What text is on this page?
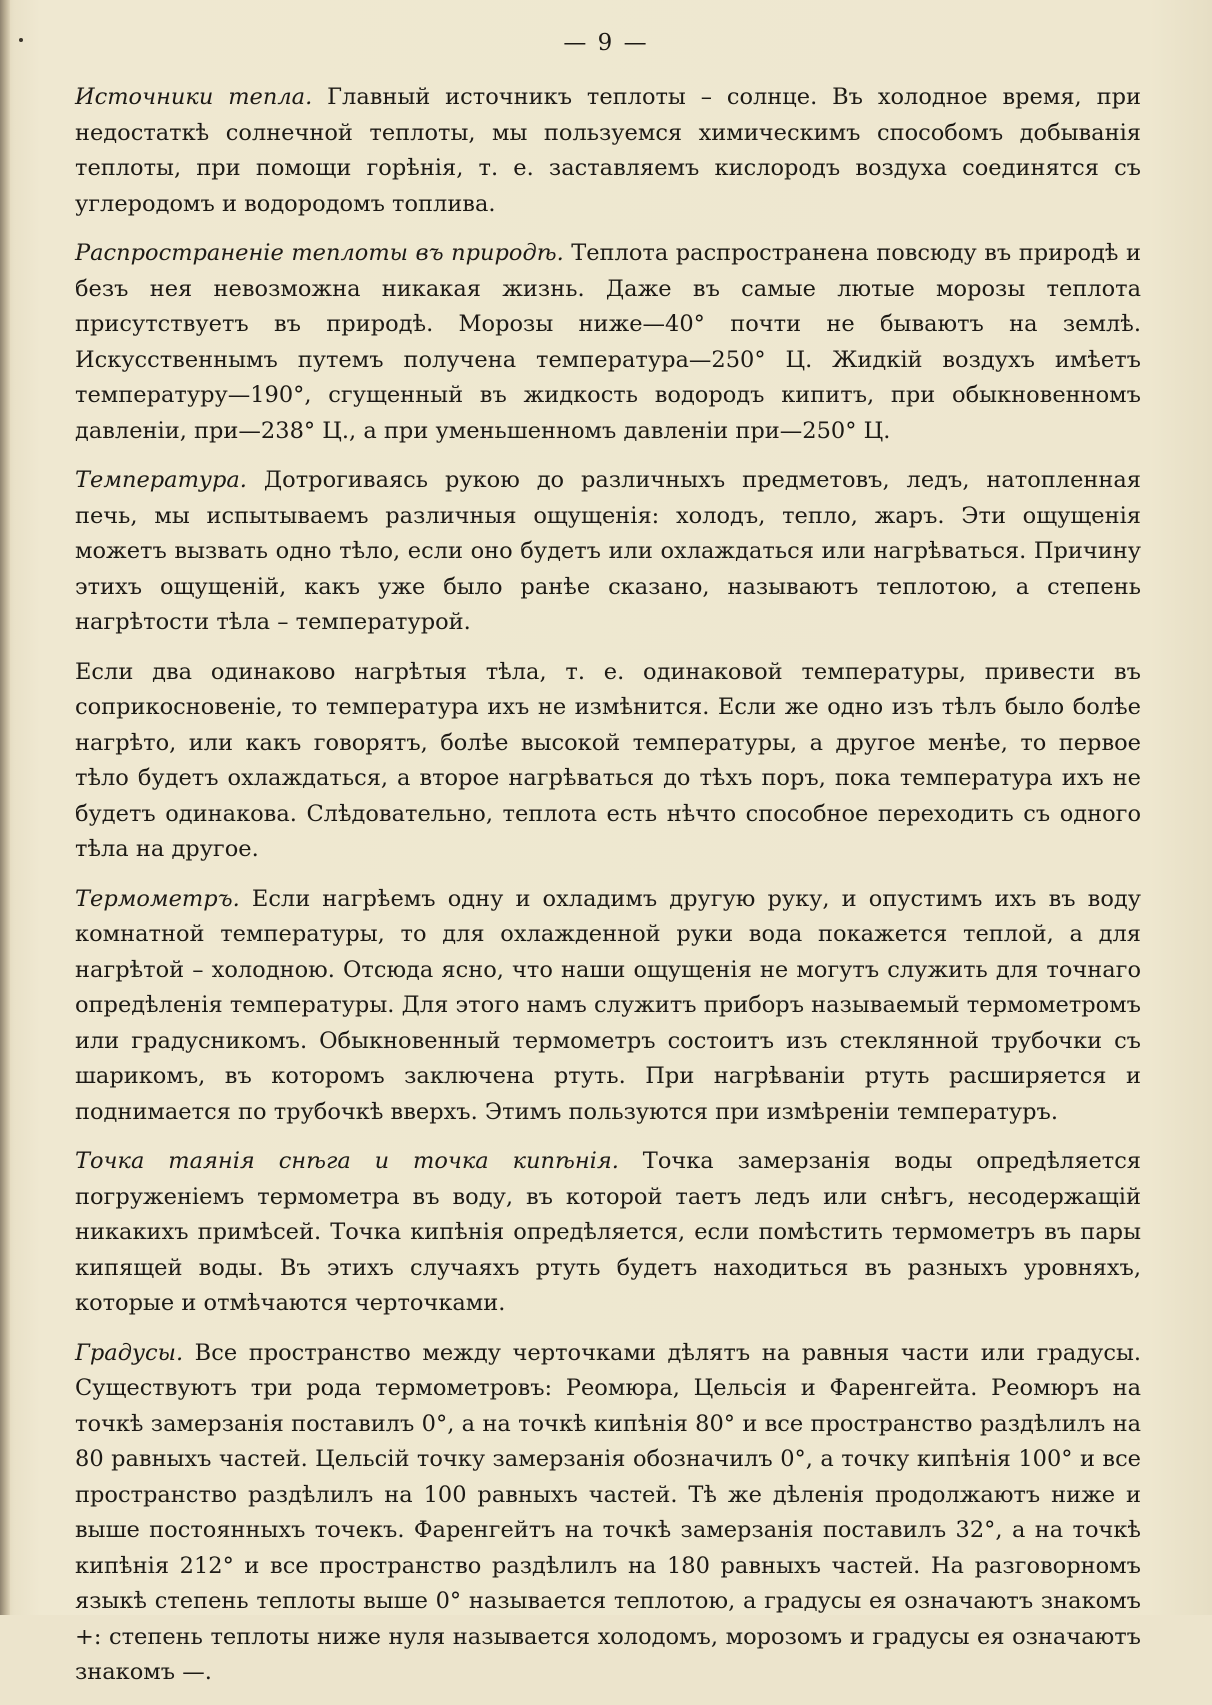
— 9 —

Источники тепла. Главный источникъ теплоты – солнце. Въ холодное время, при недостаткѣ солнечной теплоты, мы пользуемся химическимъ способомъ добыванія теплоты, при помощи горѣнія, т. е. заставляемъ кислородъ воздуха соединятся съ углеродомъ и водородомъ топлива.

Распространеніе теплоты въ природѣ. Теплота распространена повсюду въ природѣ и безъ нея невозможна никакая жизнь. Даже въ самые лютые морозы теплота присутствуетъ въ природѣ. Морозы ниже—40° почти не бываютъ на землѣ. Искусственнымъ путемъ получена температура—250° Ц. Жидкій воздухъ имѣетъ температуру—190°, сгущенный въ жидкость водородъ кипитъ, при обыкновенномъ давленіи, при—238° Ц., а при уменьшенномъ давленіи при—250° Ц.

Температура. Дотрогиваясь рукою до различныхъ предметовъ, ледъ, натопленная печь, мы испытываемъ различныя ощущенія: холодъ, тепло, жаръ. Эти ощущенія можетъ вызвать одно тѣло, если оно будетъ или охлаждаться или нагрѣваться. Причину этихъ ощущеній, какъ уже было ранѣе сказано, называютъ теплотою, а степень нагрѣтости тѣла – температурой.

Если два одинаково нагрѣтыя тѣла, т. е. одинаковой температуры, привести въ соприкосновеніе, то температура ихъ не измѣнится. Если же одно изъ тѣлъ было болѣе нагрѣто, или какъ говорятъ, болѣе высокой температуры, а другое менѣе, то первое тѣло будетъ охлаждаться, а второе нагрѣваться до тѣхъ поръ, пока температура ихъ не будетъ одинакова. Слѣдовательно, теплота есть нѣчто способное переходить съ одного тѣла на другое.

Термометръ. Если нагрѣемъ одну и охладимъ другую руку, и опустимъ ихъ въ воду комнатной температуры, то для охлажденной руки вода покажется теплой, а для нагрѣтой – холодною. Отсюда ясно, что наши ощущенія не могутъ служить для точнаго опредѣленія температуры. Для этого намъ служитъ приборъ называемый термометромъ или градусникомъ. Обыкновенный термометръ состоитъ изъ стеклянной трубочки съ шарикомъ, въ которомъ заключена ртуть. При нагрѣваніи ртуть расширяется и поднимается по трубочкѣ вверхъ. Этимъ пользуются при измѣреніи температуръ.

Точка таянія снѣга и точка кипѣнія. Точка замерзанія воды опредѣляется погруженіемъ термометра въ воду, въ которой таетъ ледъ или снѣгъ, несодержащій никакихъ примѣсей. Точка кипѣнія опредѣляется, если помѣстить термометръ въ пары кипящей воды. Въ этихъ случаяхъ ртуть будетъ находиться въ разныхъ уровняхъ, которые и отмѣчаются черточками.

Градусы. Все пространство между черточками дѣлятъ на равныя части или градусы. Существуютъ три рода термометровъ: Реомюра, Цельсія и Фаренгейта. Реомюръ на точкѣ замерзанія поставилъ 0°, а на точкѣ кипѣнія 80° и все пространство раздѣлилъ на 80 равныхъ частей. Цельсій точку замерзанія обозначилъ 0°, а точку кипѣнія 100° и все пространство раздѣлилъ на 100 равныхъ частей. Тѣ же дѣленія продолжаютъ ниже и выше постоянныхъ точекъ. Фаренгейтъ на точкѣ замерзанія поставилъ 32°, а на точкѣ кипѣнія 212° и все пространство раздѣлилъ на 180 равныхъ частей. На разговорномъ языкѣ степень теплоты выше 0° называется теплотою, а градусы ея означаютъ знакомъ +: степень теплоты ниже нуля называется холодомъ, морозомъ и градусы ея означаютъ знакомъ —.
